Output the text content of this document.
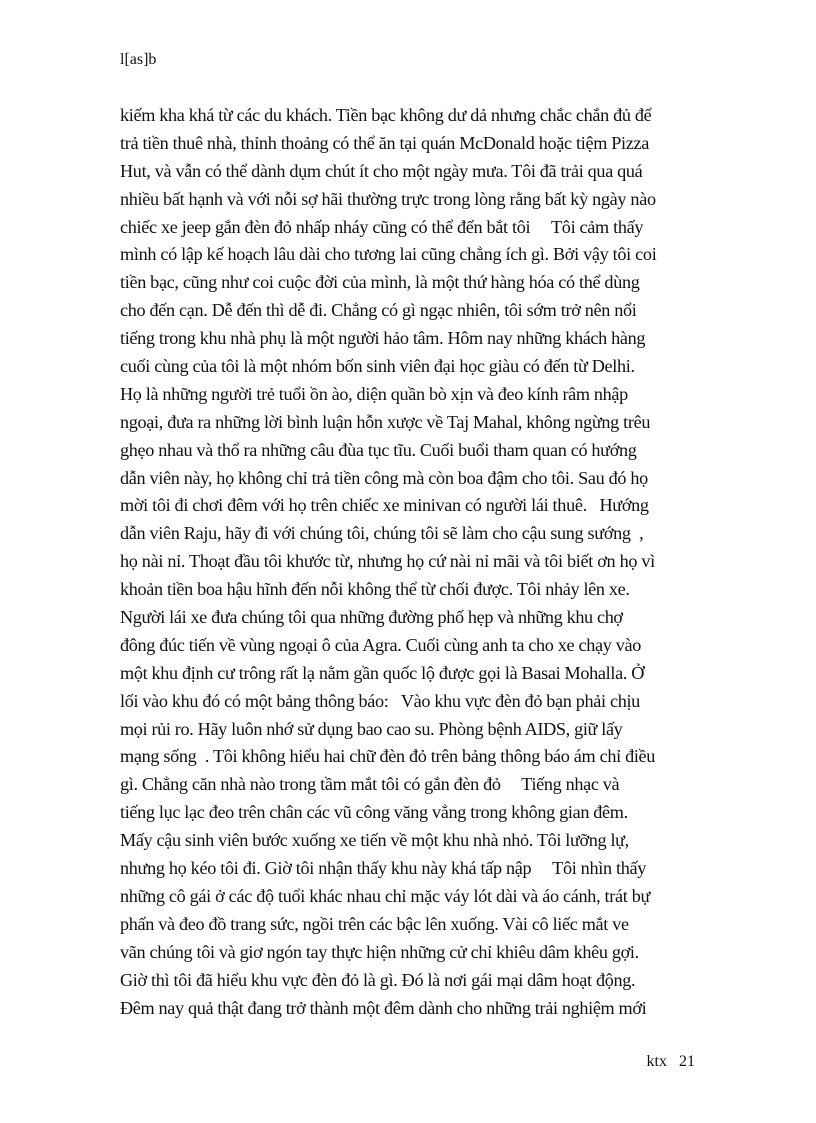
l[as]b
kiếm kha khá từ các du khách. Tiền bạc không dư dả nhưng chắc chắn đủ để
trả tiền thuê nhà, thỉnh thoảng có thể ăn tại quán McDonald hoặc tiệm Pizza
Hut, và vẫn có thể dành dụm chút ít cho một ngày mưa. Tôi đã trải qua quá
nhiều bất hạnh và với nỗi sợ hãi thường trực trong lòng rằng bất kỳ ngày nào
chiếc xe jeep gắn đèn đỏ nhấp nháy cũng có thể đến bắt tôi     Tôi cảm thấy
mình có lập kế hoạch lâu dài cho tương lai cũng chẳng ích gì. Bởi vậy tôi coi
tiền bạc, cũng như coi cuộc đời của mình, là một thứ hàng hóa có thể dùng
cho đến cạn. Dễ đến thì dễ đi. Chẳng có gì ngạc nhiên, tôi sớm trở nên nổi
tiếng trong khu nhà phụ là một người hảo tâm. Hôm nay những khách hàng
cuối cùng của tôi là một nhóm bốn sinh viên đại học giàu có đến từ Delhi.
Họ là những người trẻ tuổi ồn ào, diện quần bò xịn và đeo kính râm nhập
ngoại, đưa ra những lời bình luận hỗn xược về Taj Mahal, không ngừng trêu
ghẹo nhau và thổ ra những câu đùa tục tĩu. Cuối buổi tham quan có hướng
dẫn viên này, họ không chỉ trả tiền công mà còn boa đậm cho tôi. Sau đó họ
mời tôi đi chơi đêm với họ trên chiếc xe minivan có người lái thuê.   Hướng
dẫn viên Raju, hãy đi với chúng tôi, chúng tôi sẽ làm cho cậu sung sướng  ,
họ nài nỉ. Thoạt đầu tôi khước từ, nhưng họ cứ nài nỉ mãi và tôi biết ơn họ vì
khoản tiền boa hậu hĩnh đến nỗi không thể từ chối được. Tôi nhảy lên xe.
Người lái xe đưa chúng tôi qua những đường phố hẹp và những khu chợ
đông đúc tiến về vùng ngoại ô của Agra. Cuối cùng anh ta cho xe chạy vào
một khu định cư trông rất lạ nằm gần quốc lộ được gọi là Basai Mohalla. Ở
lối vào khu đó có một bảng thông báo:   Vào khu vực đèn đỏ bạn phải chịu
mọi rủi ro. Hãy luôn nhớ sử dụng bao cao su. Phòng bệnh AIDS, giữ lấy
mạng sống  . Tôi không hiểu hai chữ đèn đỏ trên bảng thông báo ám chỉ điều
gì. Chẳng căn nhà nào trong tầm mắt tôi có gắn đèn đỏ     Tiếng nhạc và
tiếng lục lạc đeo trên chân các vũ công văng vẳng trong không gian đêm.
Mấy cậu sinh viên bước xuống xe tiến về một khu nhà nhỏ. Tôi lưỡng lự,
nhưng họ kéo tôi đi. Giờ tôi nhận thấy khu này khá tấp nập     Tôi nhìn thấy
những cô gái ở các độ tuổi khác nhau chỉ mặc váy lót dài và áo cánh, trát bự
phấn và đeo đồ trang sức, ngồi trên các bậc lên xuống. Vài cô liếc mắt ve
vãn chúng tôi và giơ ngón tay thực hiện những cử chỉ khiêu dâm khêu gợi.
Giờ thì tôi đã hiểu khu vực đèn đỏ là gì. Đó là nơi gái mại dâm hoạt động.
Đêm nay quả thật đang trở thành một đêm dành cho những trải nghiệm mới
ktx   21
